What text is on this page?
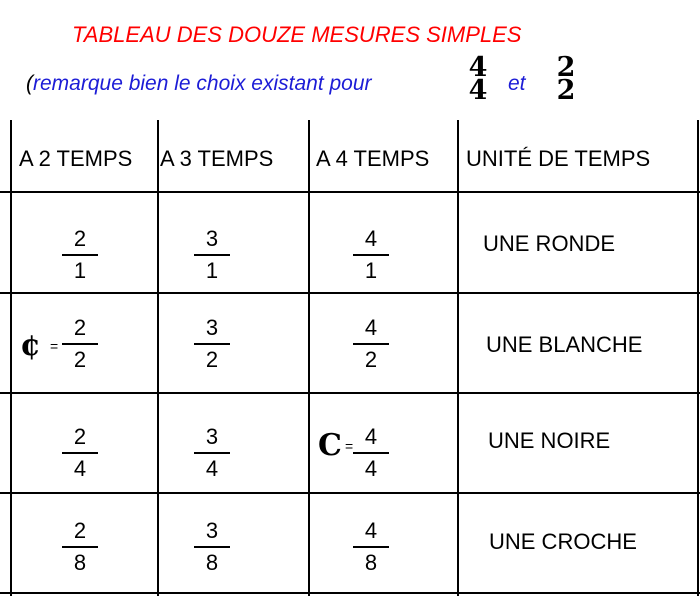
TABLEAU DES DOUZE MESURES SIMPLES
(remarque bien le choix existant pour
4
4 et
2
2
A 2 TEMPS A 3 TEMPS A 4 TEMPS UNITÉ DE TEMPS
2
1
3
1
4
1
UNE RONDE
¢ =
2
2
3
2
4
2
UNE BLANCHE
2
4
3
4
C = 4
4
UNE NOIRE
2
8
3
8
4
8
UNE CROCHE
